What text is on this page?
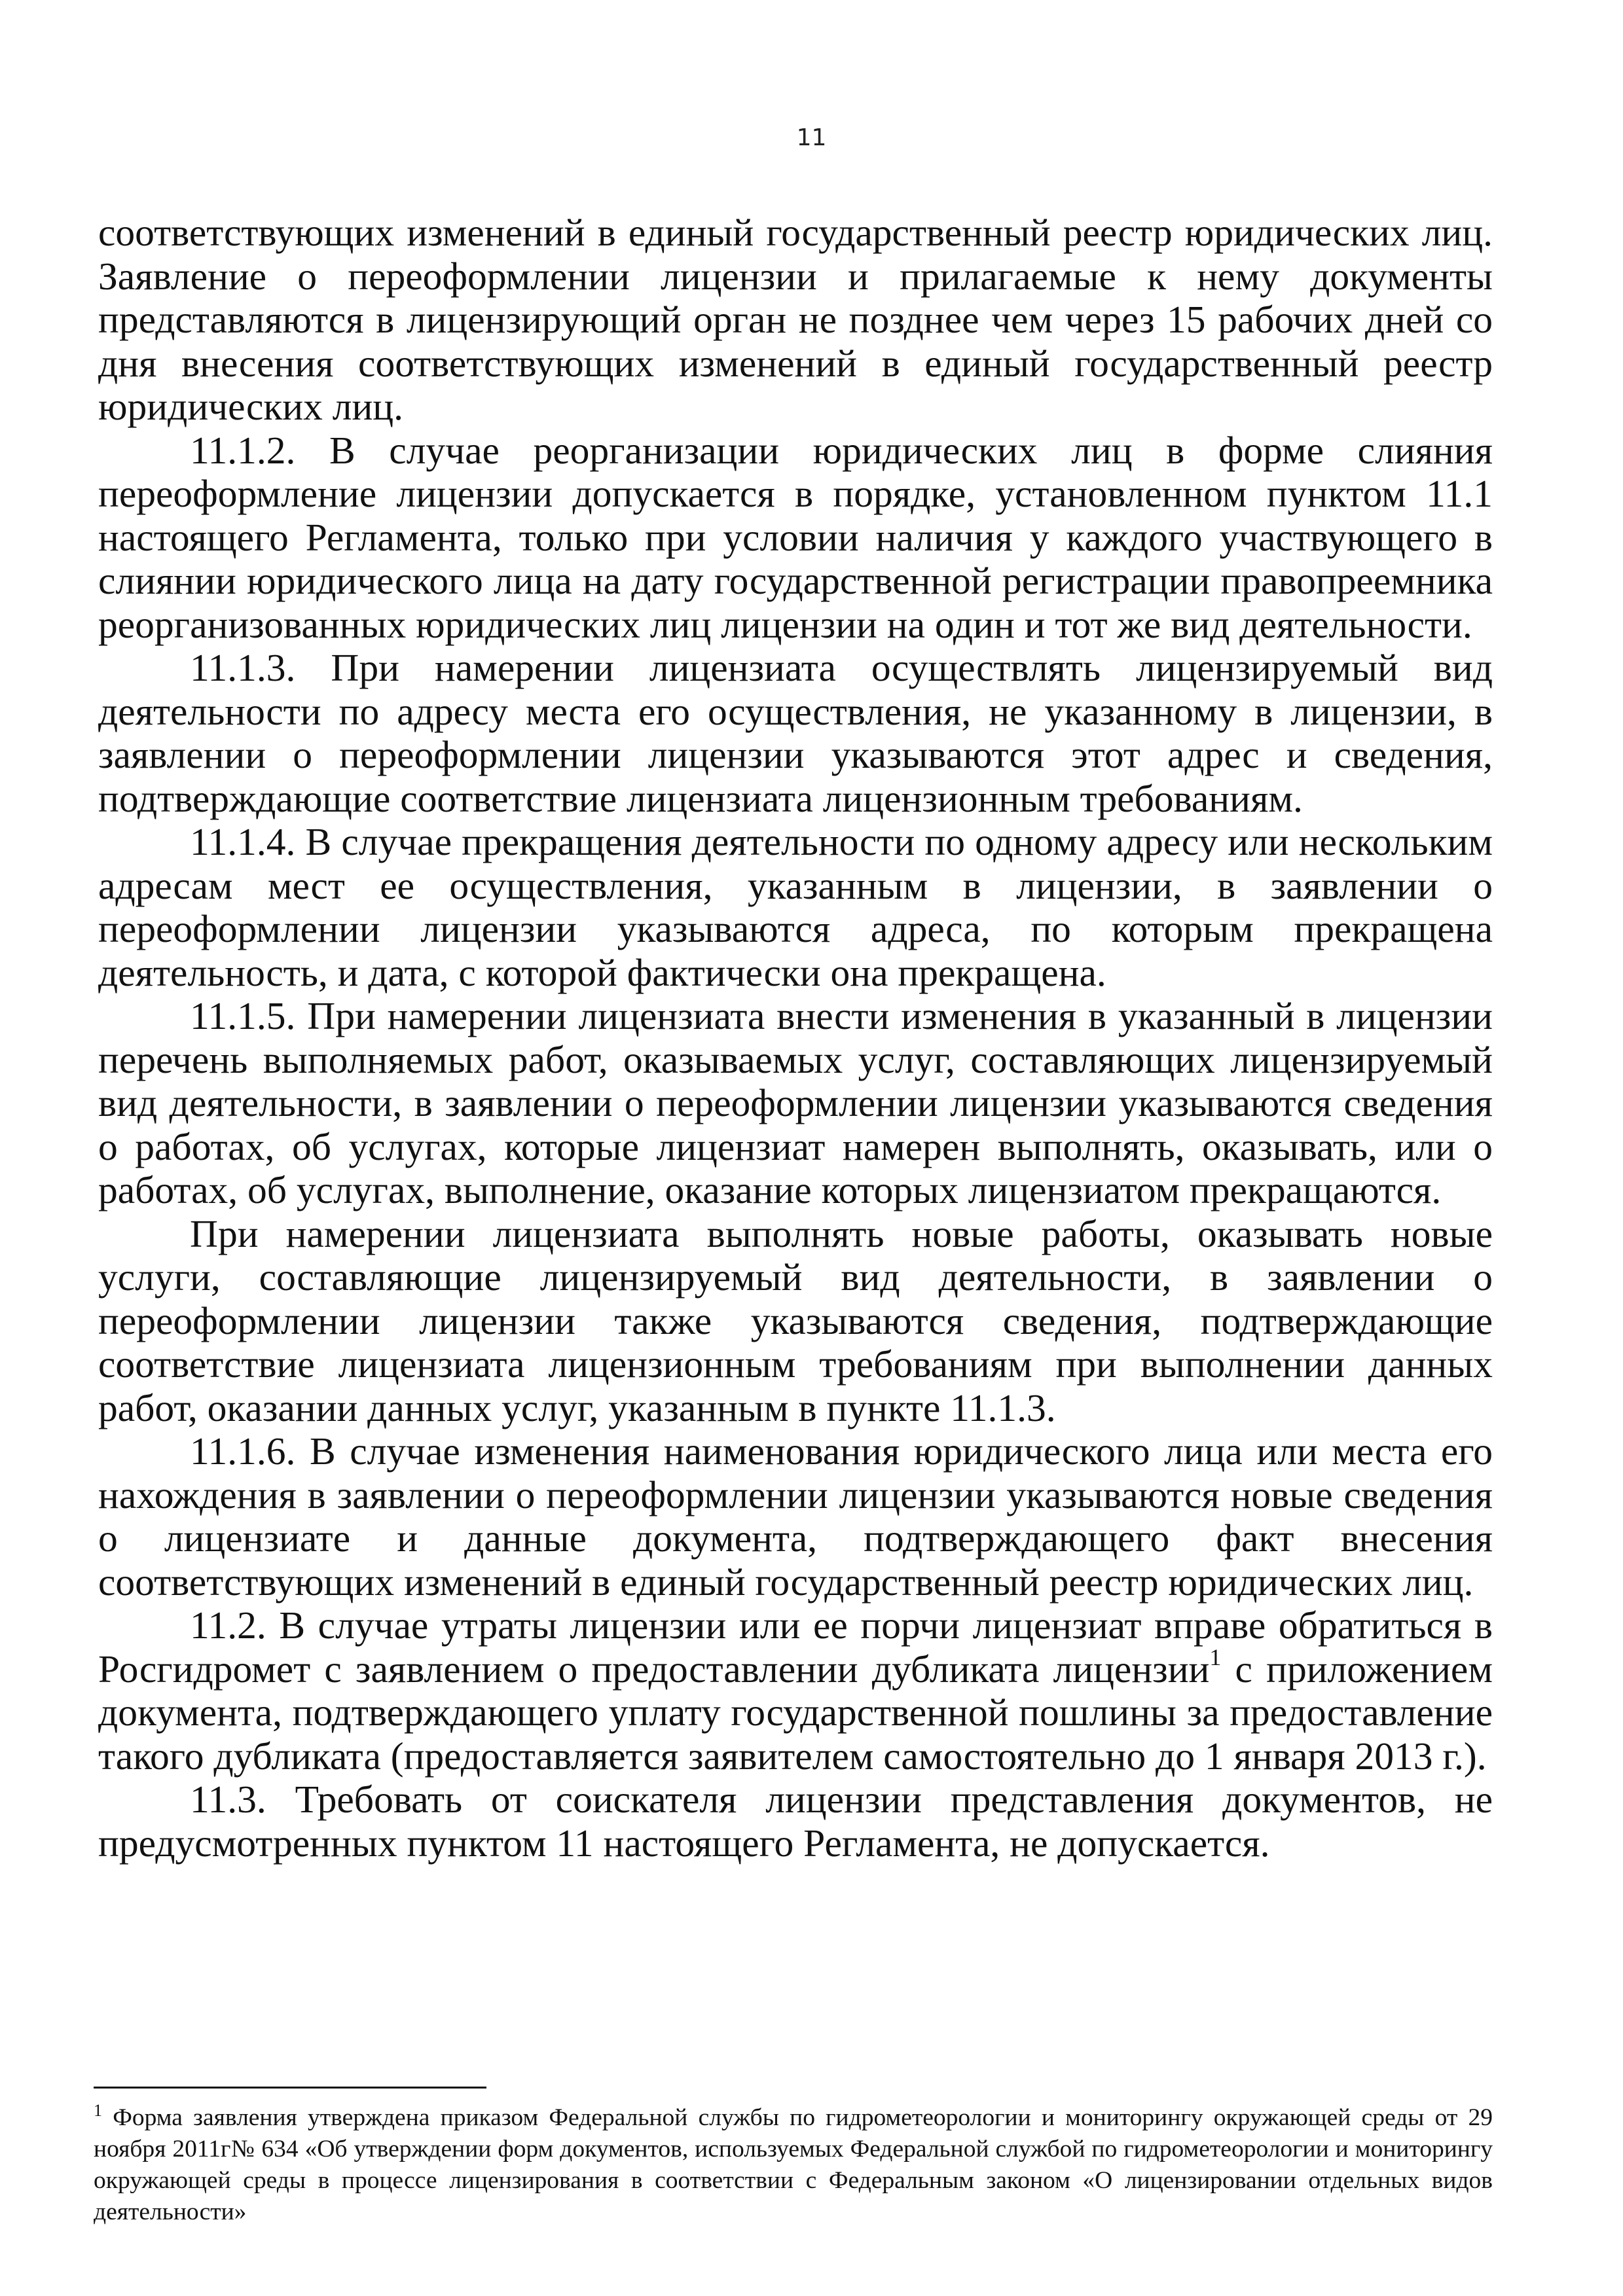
11

соответствующих изменений в единый государственный реестр юридических лиц. Заявление о переоформлении лицензии и прилагаемые к нему документы представляются в лицензирующий орган не позднее чем через 15 рабочих дней со дня внесения соответствующих изменений в единый государственный реестр юридических лиц.

11.1.2. В случае реорганизации юридических лиц в форме слияния переоформление лицензии допускается в порядке, установленном пунктом 11.1 настоящего Регламента, только при условии наличия у каждого участвующего в слиянии юридического лица на дату государственной регистрации правопреемника реорганизованных юридических лиц лицензии на один и тот же вид деятельности.

11.1.3. При намерении лицензиата осуществлять лицензируемый вид деятельности по адресу места его осуществления, не указанному в лицензии, в заявлении о переоформлении лицензии указываются этот адрес и сведения, подтверждающие соответствие лицензиата лицензионным требованиям.

11.1.4. В случае прекращения деятельности по одному адресу или нескольким адресам мест ее осуществления, указанным в лицензии, в заявлении о переоформлении лицензии указываются адреса, по которым прекращена деятельность, и дата, с которой фактически она прекращена.

11.1.5. При намерении лицензиата внести изменения в указанный в лицензии перечень выполняемых работ, оказываемых услуг, составляющих лицензируемый вид деятельности, в заявлении о переоформлении лицензии указываются сведения о работах, об услугах, которые лицензиат намерен выполнять, оказывать, или о работах, об услугах, выполнение, оказание которых лицензиатом прекращаются.

При намерении лицензиата выполнять новые работы, оказывать новые услуги, составляющие лицензируемый вид деятельности, в заявлении о переоформлении лицензии также указываются сведения, подтверждающие соответствие лицензиата лицензионным требованиям при выполнении данных работ, оказании данных услуг, указанным в пункте 11.1.3.

11.1.6. В случае изменения наименования юридического лица или места его нахождения в заявлении о переоформлении лицензии указываются новые сведения о лицензиате и данные документа, подтверждающего факт внесения соответствующих изменений в единый государственный реестр юридических лиц.

11.2. В случае утраты лицензии или ее порчи лицензиат вправе обратиться в Росгидромет с заявлением о предоставлении дубликата лицензии$^1$ с приложением документа, подтверждающего уплату государственной пошлины за предоставление такого дубликата (предоставляется заявителем самостоятельно до 1 января 2013 г.).

11.3. Требовать от соискателя лицензии представления документов, не предусмотренных пунктом 11 настоящего Регламента, не допускается.

$^1$ Форма заявления утверждена приказом Федеральной службы по гидрометеорологии и мониторингу окружающей среды от 29 ноября 2011г№ 634 «Об утверждении форм документов, используемых Федеральной службой по гидрометеорологии и мониторингу окружающей среды в процессе лицензирования в соответствии с Федеральным законом «О лицензировании отдельных видов деятельности»
